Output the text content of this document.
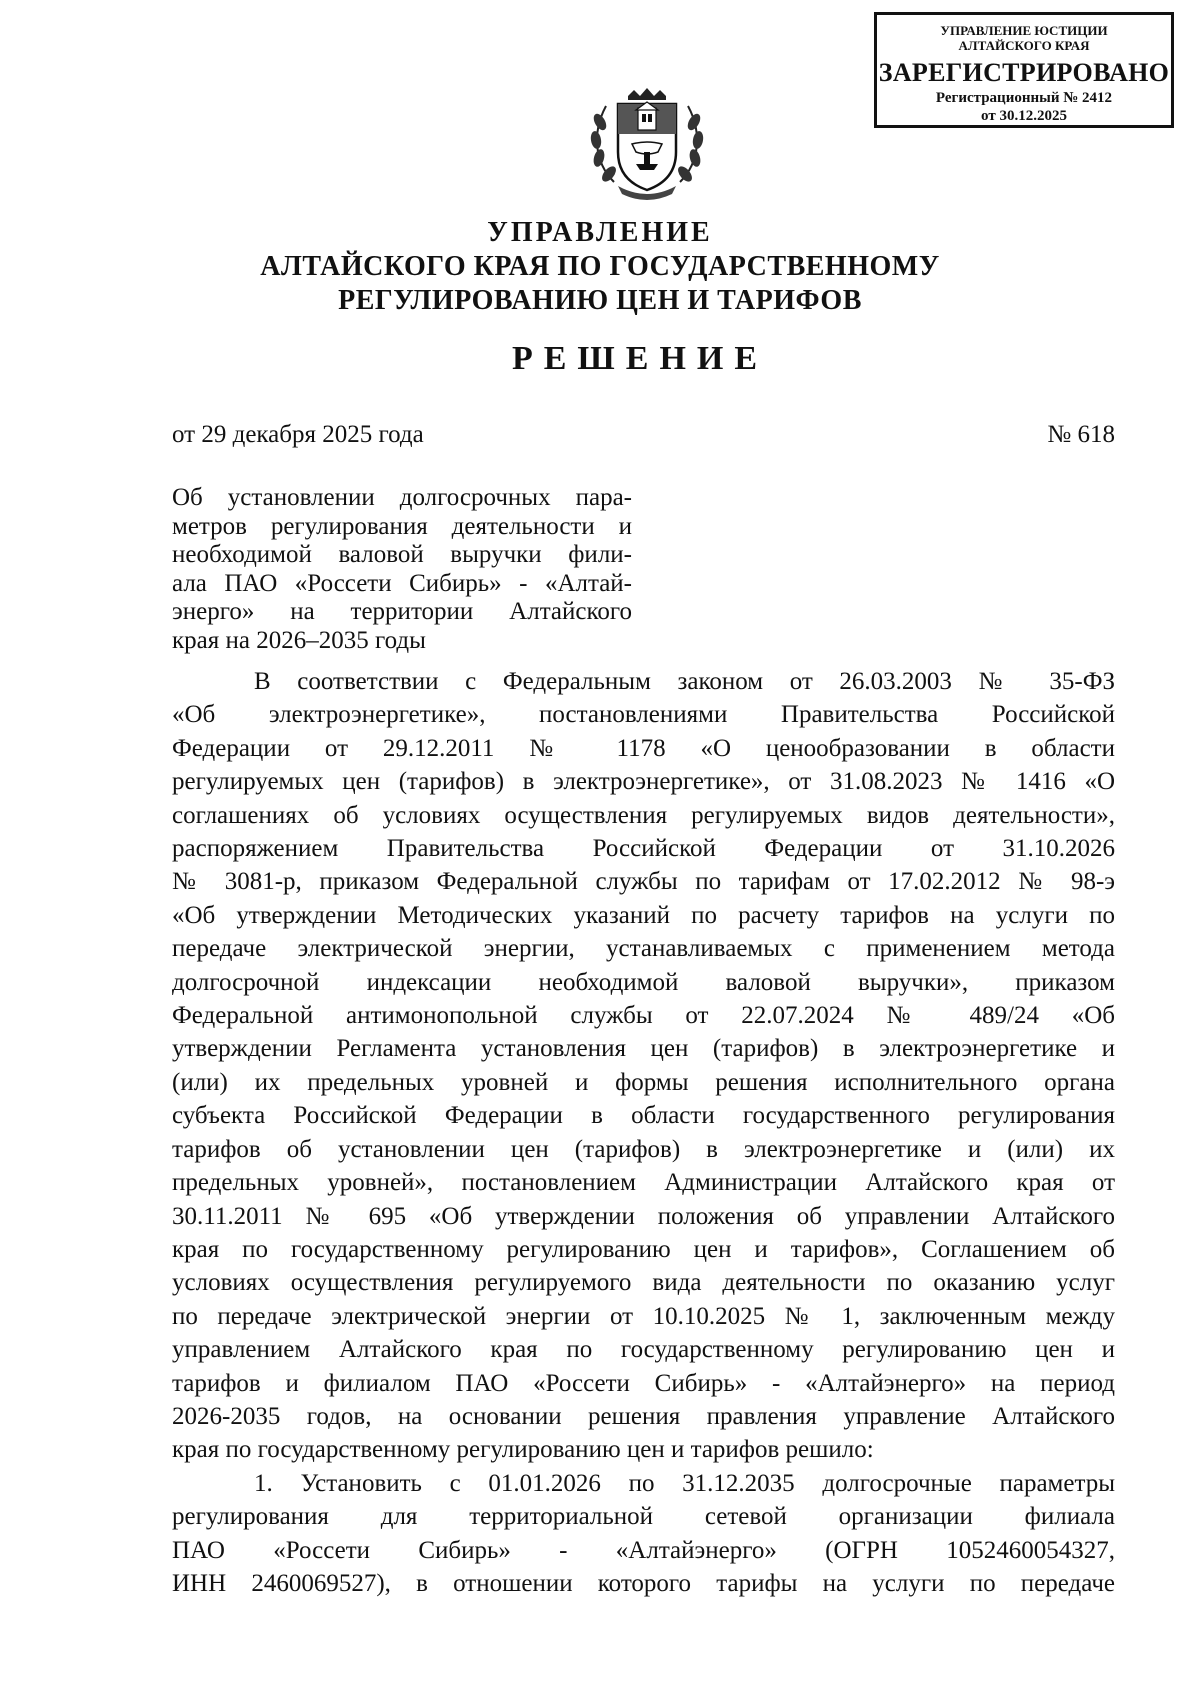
УПРАВЛЕНИЕ ЮСТИЦИИ
АЛТАЙСКОГО КРАЯ
ЗАРЕГИСТРИРОВАНО
Регистрационный № 2412
от 30.12.2025
УПРАВЛЕНИЕ
АЛТАЙСКОГО КРАЯ ПО ГОСУДАРСТВЕННОМУ
РЕГУЛИРОВАНИЮ ЦЕН И ТАРИФОВ
РЕШЕНИЕ
от 29 декабря 2025 года	№ 618
Об установлении долгосрочных пара-
метров регулирования деятельности и
необходимой валовой выручки фили-
ала ПАО «Россети Сибирь» - «Алтай-
энерго» на территории Алтайского
края на 2026–2035 годы
В соответствии с Федеральным законом от 26.03.2003 № 35-ФЗ
«Об электроэнергетике», постановлениями Правительства Российской
Федерации от 29.12.2011 № 1178 «О ценообразовании в области
регулируемых цен (тарифов) в электроэнергетике», от 31.08.2023 № 1416 «О
соглашениях об условиях осуществления регулируемых видов деятельности»,
распоряжением Правительства Российской Федерации от 31.10.2026
№ 3081-р, приказом Федеральной службы по тарифам от 17.02.2012 № 98-э
«Об утверждении Методических указаний по расчету тарифов на услуги по
передаче электрической энергии, устанавливаемых с применением метода
долгосрочной индексации необходимой валовой выручки», приказом
Федеральной антимонопольной службы от 22.07.2024 № 489/24 «Об
утверждении Регламента установления цен (тарифов) в электроэнергетике и
(или) их предельных уровней и формы решения исполнительного органа
субъекта Российской Федерации в области государственного регулирования
тарифов об установлении цен (тарифов) в электроэнергетике и (или) их
предельных уровней», постановлением Администрации Алтайского края от
30.11.2011 № 695 «Об утверждении положения об управлении Алтайского
края по государственному регулированию цен и тарифов», Соглашением об
условиях осуществления регулируемого вида деятельности по оказанию услуг
по передаче электрической энергии от 10.10.2025 № 1, заключенным между
управлением Алтайского края по государственному регулированию цен и
тарифов и филиалом ПАО «Россети Сибирь» - «Алтайэнерго» на период
2026-2035 годов, на основании решения правления управление Алтайского
края по государственному регулированию цен и тарифов решило:
1. Установить с 01.01.2026 по 31.12.2035 долгосрочные параметры
регулирования для территориальной сетевой организации филиала
ПАО «Россети Сибирь» - «Алтайэнерго» (ОГРН 1052460054327,
ИНН 2460069527), в отношении которого тарифы на услуги по передаче
